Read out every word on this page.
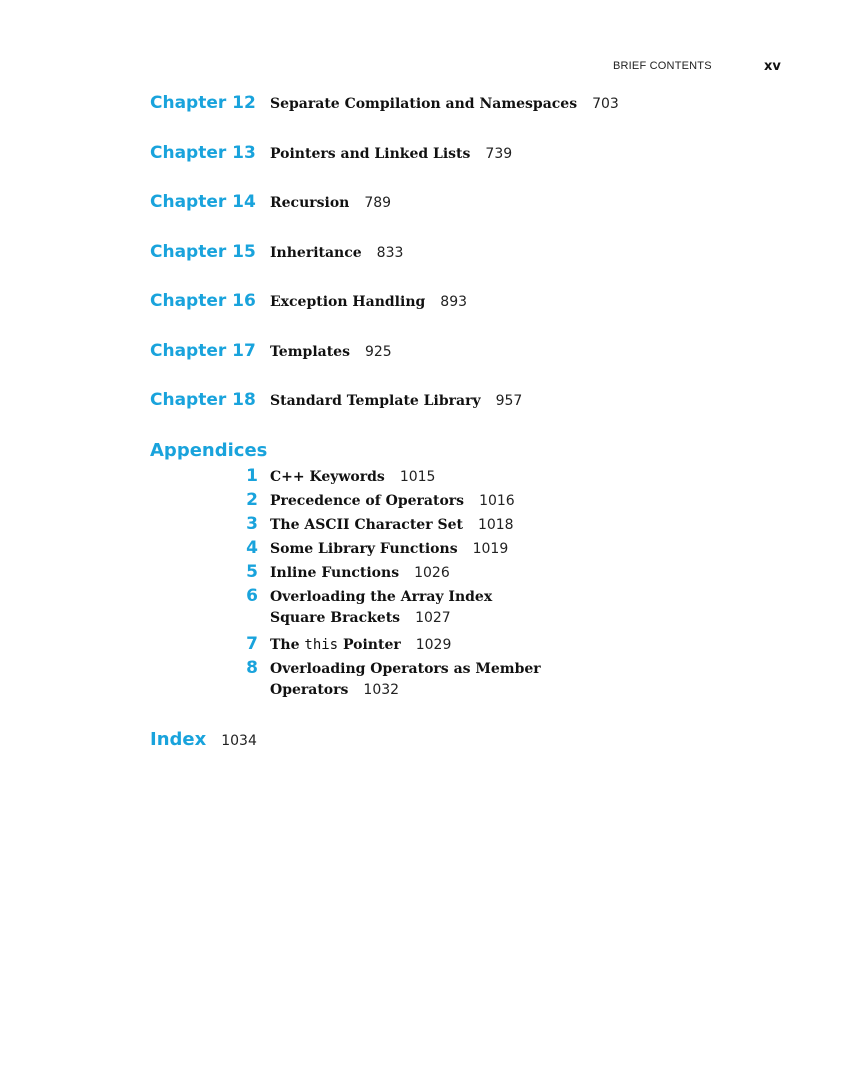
BRIEF CONTENTS	xv
Chapter 12	Separate Compilation and Namespaces 703
Chapter 13	Pointers and Linked Lists 739
Chapter 14	Recursion 789
Chapter 15	Inheritance 833
Chapter 16	Exception Handling 893
Chapter 17	Templates 925
Chapter 18	Standard Template Library 957
Appendices
1 C++ Keywords 1015
2 Precedence of Operators 1016
3 The ASCII Character Set 1018
4 Some Library Functions 1019
5 Inline Functions 1026
6 Overloading the Array Index
Square Brackets 1027
7 The this Pointer 1029
8 Overloading Operators as Member
Operators 1032
Index 1034
